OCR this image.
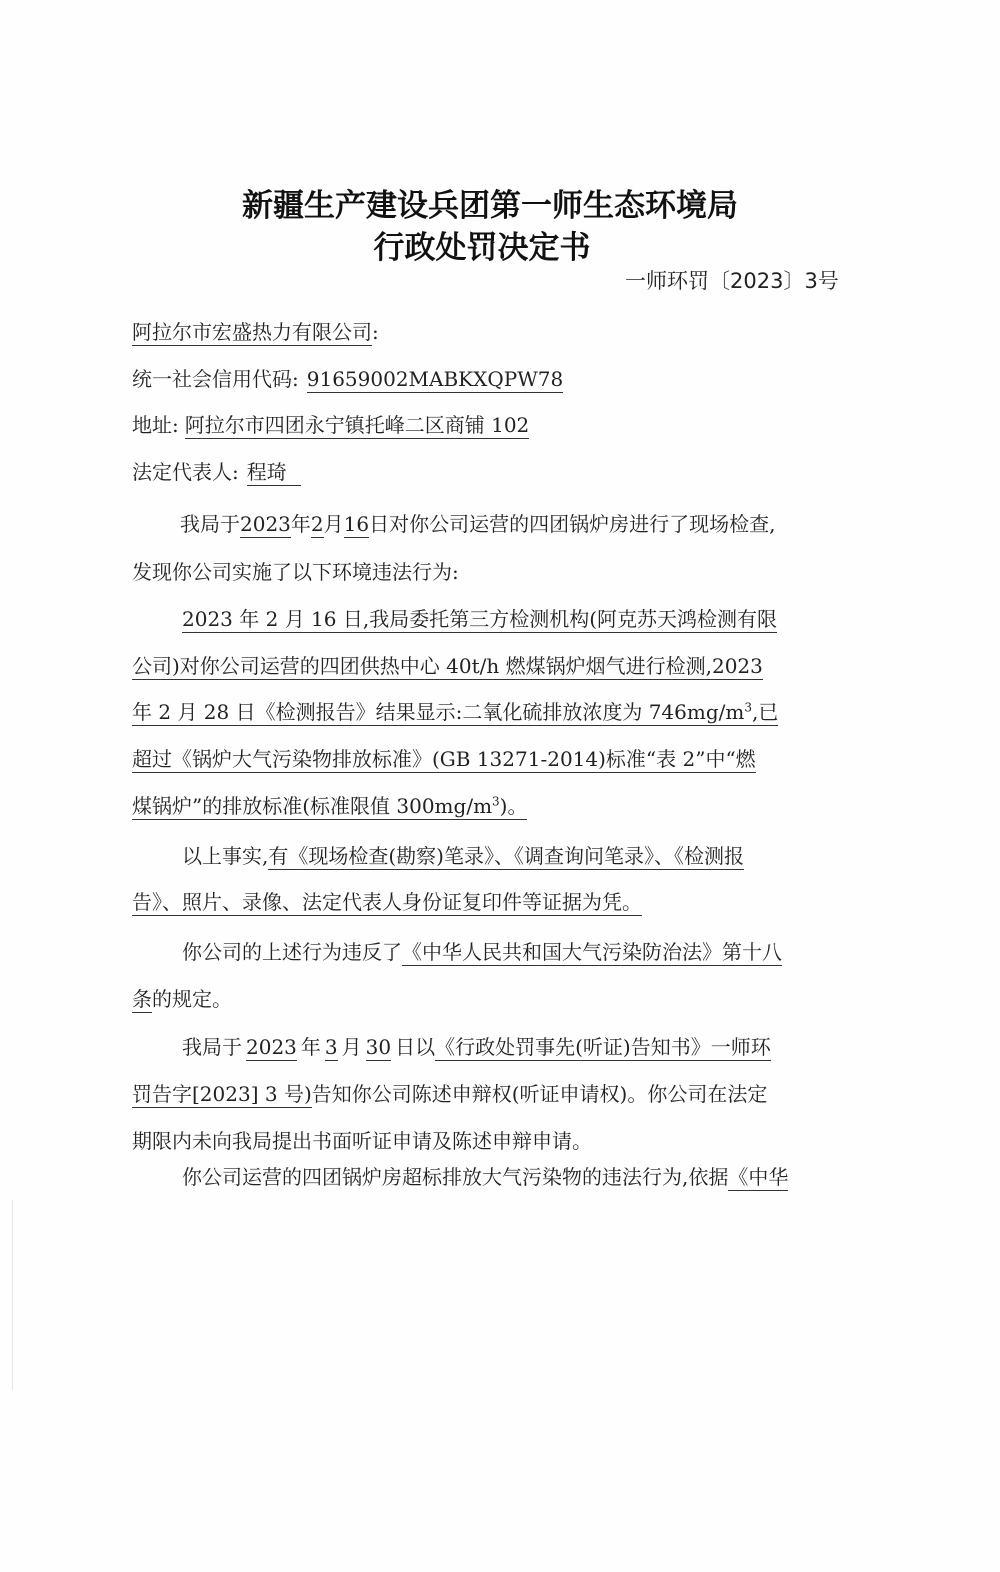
新疆生产建设兵团第一师生态环境局
行政处罚决定书
一师环罚〔2023〕3号
阿拉尔市宏盛热力有限公司:
统一社会信用代码: 91659002MABKXQPW78
地址: 阿拉尔市四团永宁镇托峰二区商铺 102
法定代表人: 程琦
我局于2023年2月16日对你公司运营的四团锅炉房进行了现场检查,
发现你公司实施了以下环境违法行为:
2023 年 2 月 16 日,我局委托第三方检测机构(阿克苏天鸿检测有限
公司)对你公司运营的四团供热中心 40t/h 燃煤锅炉烟气进行检测,2023
年 2 月 28 日《检测报告》结果显示:二氧化硫排放浓度为 $746mg/m^3$,已
超过《锅炉大气污染物排放标准》(GB 13271-2014)标准“表 2”中“燃
煤锅炉”的排放标准(标准限值 $300mg/m^3$)。
以上事实,有《现场检查(勘察)笔录》、《调查询问笔录》、《检测报
告》、照片、录像、法定代表人身份证复印件等证据为凭。
你公司的上述行为违反了《中华人民共和国大气污染防治法》第十八
条的规定。
我局于 2023 年 3 月 30 日以《行政处罚事先(听证)告知书》一师环
罚告字[2023] 3 号)告知你公司陈述申辩权(听证申请权)。你公司在法定
期限内未向我局提出书面听证申请及陈述申辩申请。
你公司运营的四团锅炉房超标排放大气污染物的违法行为,依据《中华
